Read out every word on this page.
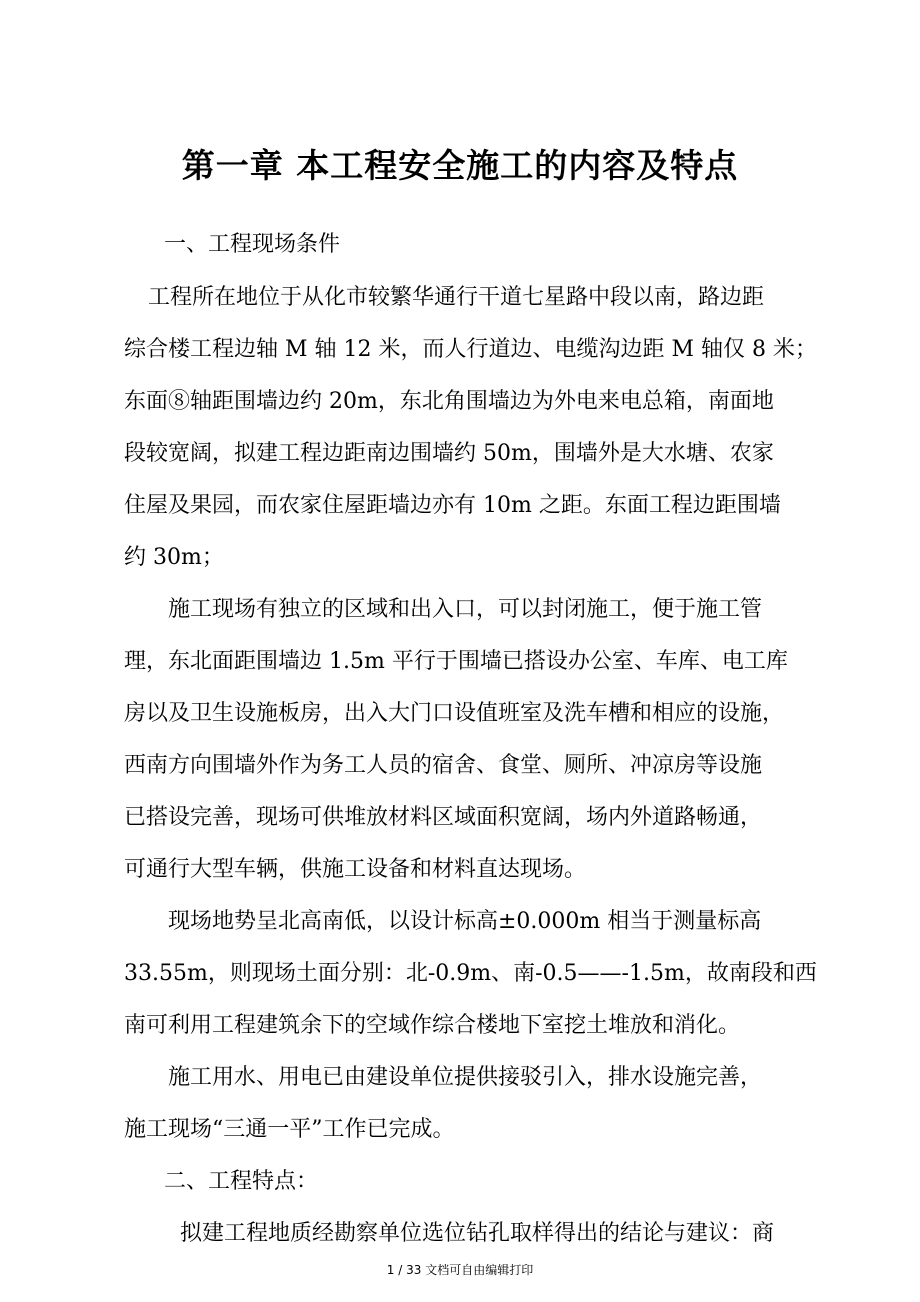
第一章 本工程安全施工的内容及特点
一、工程现场条件
工程所在地位于从化市较繁华通行干道七星路中段以南，路边距
综合楼工程边轴 M 轴 12 米，而人行道边、电缆沟边距 M 轴仅 8 米；
东面⑧轴距围墙边约 20m，东北角围墙边为外电来电总箱，南面地
段较宽阔，拟建工程边距南边围墙约 50m，围墙外是大水塘、农家
住屋及果园，而农家住屋距墙边亦有 10m 之距。东面工程边距围墙
约 30m；
施工现场有独立的区域和出入口，可以封闭施工，便于施工管
理，东北面距围墙边 1.5m 平行于围墙已搭设办公室、车库、电工库
房以及卫生设施板房，出入大门口设值班室及洗车槽和相应的设施，
西南方向围墙外作为务工人员的宿舍、食堂、厕所、冲凉房等设施
已搭设完善，现场可供堆放材料区域面积宽阔，场内外道路畅通，
可通行大型车辆，供施工设备和材料直达现场。
现场地势呈北高南低，以设计标高±0.000m 相当于测量标高
33.55m，则现场土面分别：北-0.9m、南-0.5——-1.5m，故南段和西
南可利用工程建筑余下的空域作综合楼地下室挖土堆放和消化。
施工用水、用电已由建设单位提供接驳引入，排水设施完善，
施工现场“三通一平”工作已完成。
二、工程特点：
拟建工程地质经勘察单位选位钻孔取样得出的结论与建议：商
1 / 33 文档可自由编辑打印
